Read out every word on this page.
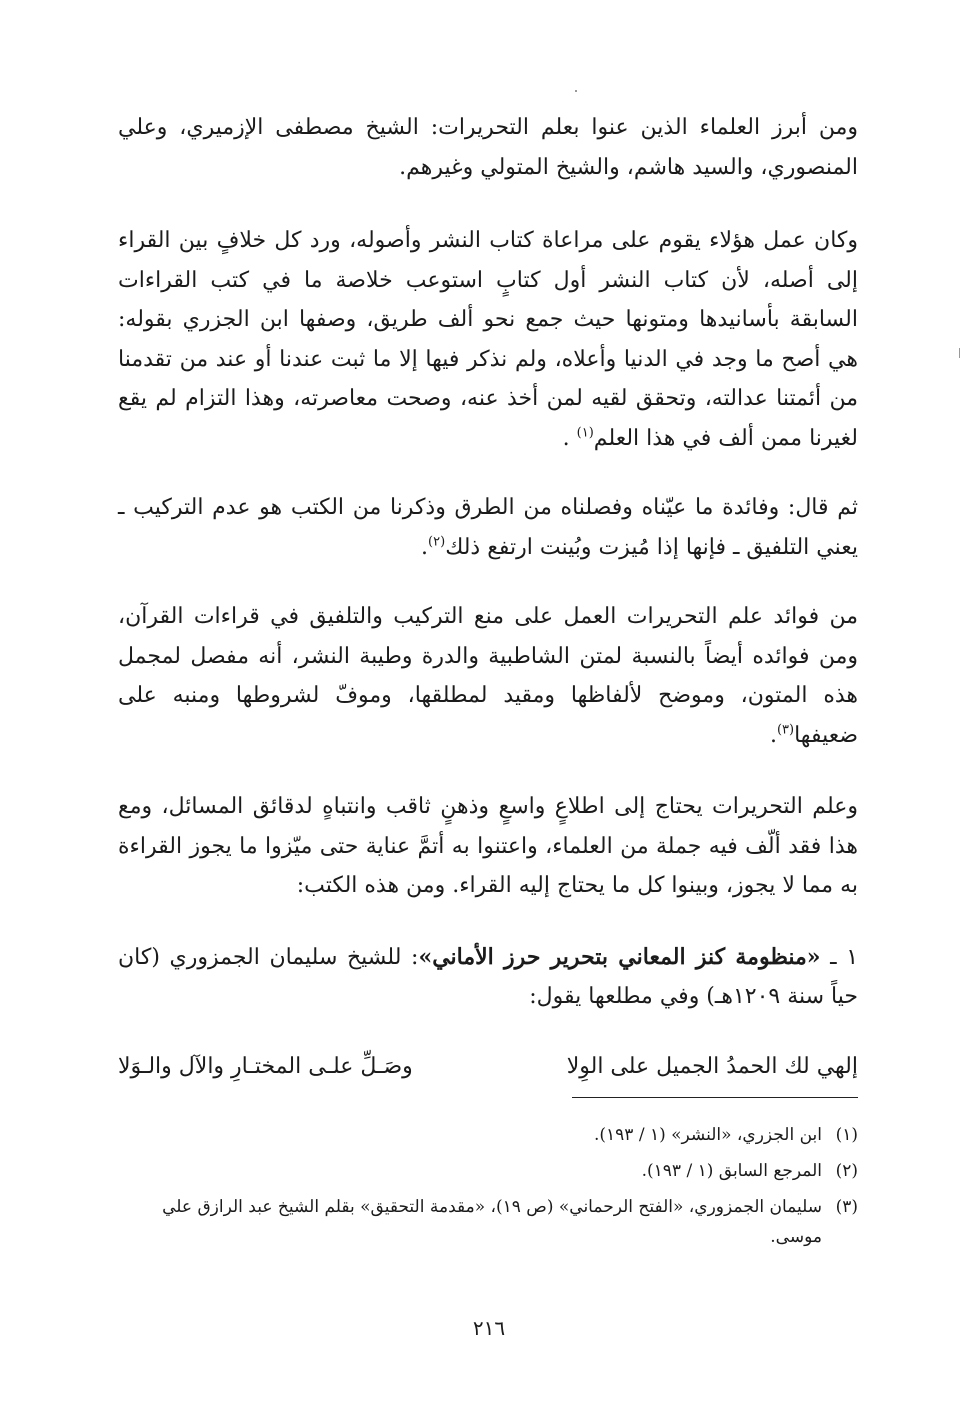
ومن أبرز العلماء الذين عنوا بعلم التحريرات: الشيخ مصطفى الإزميري، وعلي المنصوري، والسيد هاشم، والشيخ المتولي وغيرهم.

وكان عمل هؤلاء يقوم على مراعاة كتاب النشر وأصوله، ورد كل خلافٍ بين القراء إلى أصله، لأن كتاب النشر أول كتابٍ استوعب خلاصة ما في كتب القراءات السابقة بأسانيدها ومتونها حيث جمع نحو ألف طريق، وصفها ابن الجزري بقوله: هي أصح ما وجد في الدنيا وأعلاه، ولم نذكر فيها إلا ما ثبت عندنا أو عند من تقدمنا من أئمتنا عدالته، وتحقق لقيه لمن أخذ عنه، وصحت معاصرته، وهذا التزام لم يقع لغيرنا ممن ألف في هذا العلم$^{(١)}$ .

ثم قال: وفائدة ما عيّناه وفصلناه من الطرق وذكرنا من الكتب هو عدم التركيب ـ يعني التلفيق ـ فإنها إذا مُيزت وبُينت ارتفع ذلك$^{(٢)}$.

من فوائد علم التحريرات العمل على منع التركيب والتلفيق في قراءات القرآن، ومن فوائده أيضاً بالنسبة لمتن الشاطبية والدرة وطيبة النشر، أنه مفصل لمجمل هذه المتون، وموضح لألفاظها ومقيد لمطلقها، وموفّ لشروطها ومنبه على ضعيفها$^{(٣)}$.

وعلم التحريرات يحتاج إلى اطلاعٍ واسعٍ وذهنٍ ثاقب وانتباهٍ لدقائق المسائل، ومع هذا فقد ألّف فيه جملة من العلماء، واعتنوا به أتمَّ عناية حتى ميّزوا ما يجوز القراءة به مما لا يجوز، وبينوا كل ما يحتاج إليه القراء. ومن هذه الكتب:

١ ـ «منظومة كنز المعاني بتحرير حرز الأماني»: للشيخ سليمان الجمزوري (كان حياً سنة ١٢٠٩هـ) وفي مطلعها يقول:

إلهي لك الحمدُ الجميل على الوِلا
وصَـلِّ علـى المختـارِ والآل والـوَلا
(١)
ابن الجزري، «النشر» (١ / ١٩٣).
(٢)
المرجع السابق (١ / ١٩٣).
(٣)
سليمان الجمزوري، «الفتح الرحماني» (ص ١٩)، «مقدمة التحقيق» بقلم الشيخ عبد الرازق علي موسى.
٢١٦
